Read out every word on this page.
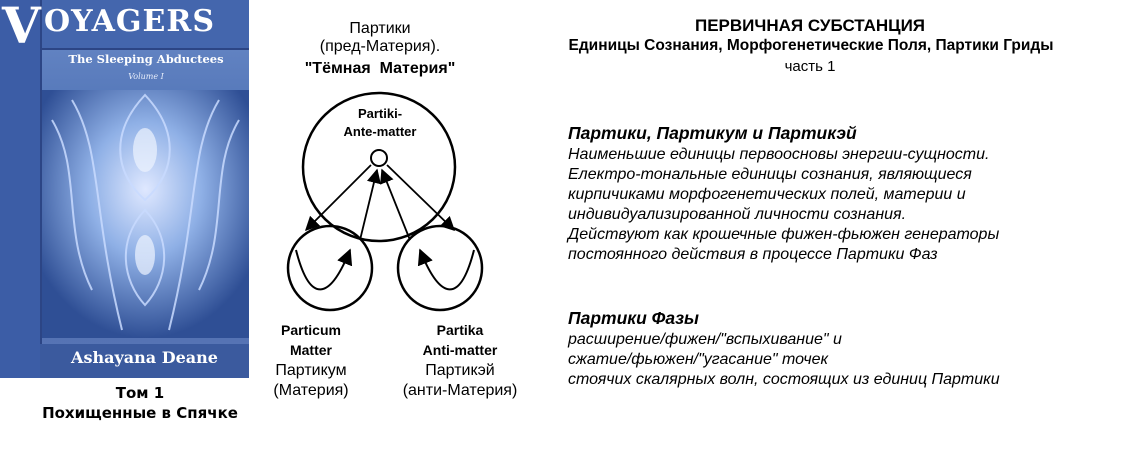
V OYAGERS
The Sleeping Abductees
Volume I
Ashayana Deane
Том 1
Похищенные в Спячке
Партики
(пред-Материя).
"Тёмная  Материя"
Partiki-
Ante-matter
Particum
Matter
Партикум
(Материя)
Partika
Anti-matter
Партикэй
(анти-Материя)
ПЕРВИЧНАЯ СУБСТАНЦИЯ
Единицы Сознания, Морфогенетические Поля, Партики Гриды
часть 1
Партики, Партикум и Партикэй
Наименьшие единицы первоосновы энергии-сущности.
Електро-тональные единицы сознания, являющиеся
кирпичиками морфогенетических полей, материи и
индивидуализированной личности сознания.
Действуют как крошечные фижен-фьюжен генераторы
постоянного действия в процессе Партики Фаз
Партики Фазы
расширение/фижен/"вспыхивание" и
сжатие/фьюжен/"угасание" точек
стоячих скалярных волн, состоящих из единиц Партики
